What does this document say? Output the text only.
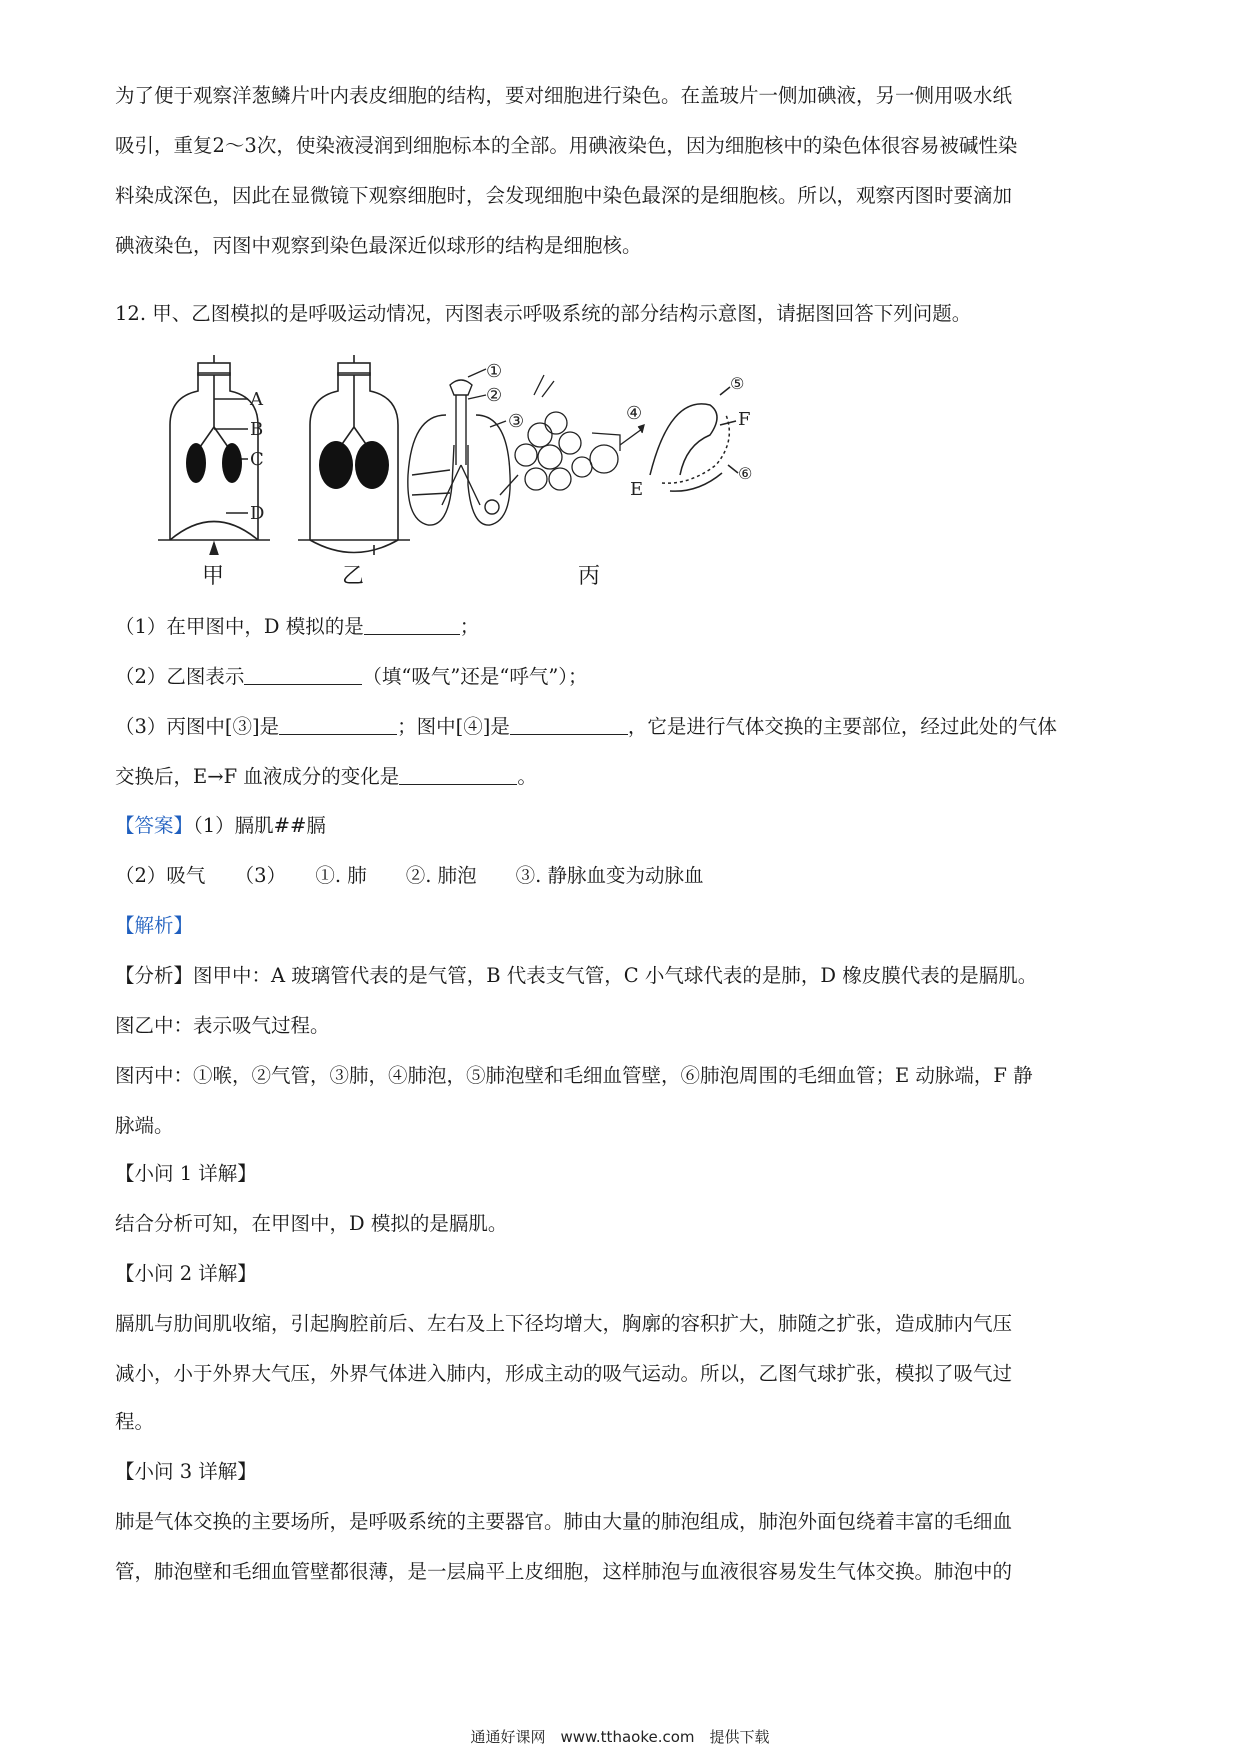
为了便于观察洋葱鳞片叶内表皮细胞的结构，要对细胞进行染色。在盖玻片一侧加碘液，另一侧用吸水纸
吸引，重复2～3次，使染液浸润到细胞标本的全部。用碘液染色，因为细胞核中的染色体很容易被碱性染
料染成深色，因此在显微镜下观察细胞时，会发现细胞中染色最深的是细胞核。所以，观察丙图时要滴加
碘液染色，丙图中观察到染色最深近似球形的结构是细胞核。
12. 甲、乙图模拟的是呼吸运动情况，丙图表示呼吸系统的部分结构示意图，请据图回答下列问题。
A
B
C
D
①
②
③	④
⑤
F
⑥
E
甲	乙	丙
（1）在甲图中，D 模拟的是	；
（2）乙图表示	（填“吸气”还是“呼气”）；
（3）丙图中[③]是	；图中[④]是	，它是进行气体交换的主要部位，经过此处的气体
交换后，E→F 血液成分的变化是	。
【答案】（1）膈肌##膈
（2）吸气　　（3）　　①. 肺　　②. 肺泡　　③. 静脉血变为动脉血
【解析】
【分析】图甲中：A 玻璃管代表的是气管，B 代表支气管，C 小气球代表的是肺，D 橡皮膜代表的是膈肌。
图乙中：表示吸气过程。
图丙中：①喉，②气管，③肺，④肺泡，⑤肺泡壁和毛细血管壁，⑥肺泡周围的毛细血管；E 动脉端，F 静
脉端。
【小问 1 详解】
结合分析可知，在甲图中，D 模拟的是膈肌。
【小问 2 详解】
膈肌与肋间肌收缩，引起胸腔前后、左右及上下径均增大，胸廓的容积扩大，肺随之扩张，造成肺内气压
减小，小于外界大气压，外界气体进入肺内，形成主动的吸气运动。所以，乙图气球扩张，模拟了吸气过
程。
【小问 3 详解】
肺是气体交换的主要场所，是呼吸系统的主要器官。肺由大量的肺泡组成，肺泡外面包绕着丰富的毛细血
管，肺泡壁和毛细血管壁都很薄，是一层扁平上皮细胞，这样肺泡与血液很容易发生气体交换。肺泡中的
通通好课网　www.tthaoke.com　提供下载
